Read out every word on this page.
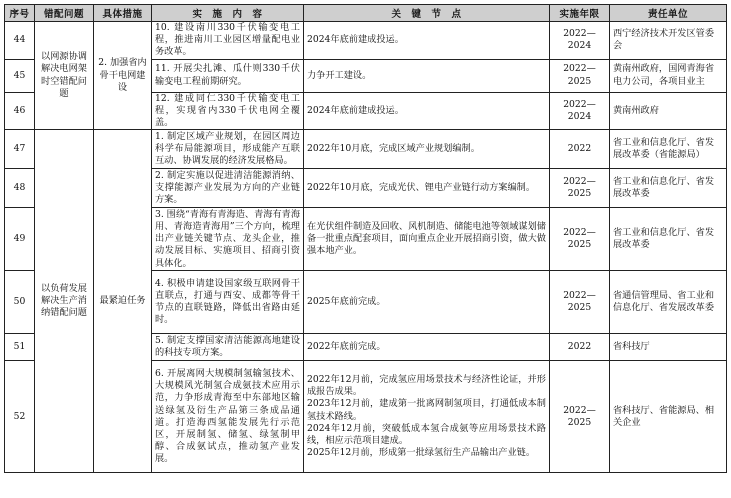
序号	错配问题	具体措施	实　施　内　容	关　键　节　点	实施年限	责任单位
44	以网源协调解决电网架时空错配问题	2. 加强省内骨干电网建设	10. 建设南川330千伏输变电工程，推进南川工业园区增量配电业务改革。	2024年底前建成投运。	2022—2024	西宁经济技术开发区管委会
45			11. 开展尖扎滩、瓜什则330千伏输变电工程前期研究。	力争开工建设。	2022—2025	黄南州政府，国网青海省电力公司，各项目业主
46			12. 建成同仁330千伏输变电工程，实现省内330千伏电网全覆盖。	2024年底前建成投运。	2022—2024	黄南州政府
47	以负荷发展解决生产消纳错配问题	最紧迫任务	1. 制定区域产业规划，在园区周边科学布局能源项目，形成能产互联互动、协调发展的经济发展格局。	2022年10月底，完成区域产业规划编制。	2022	省工业和信息化厅、省发展改革委（省能源局）
48			2. 制定实施以促进清洁能源消纳、支撑能源产业发展为方向的产业链方案。	2022年10月底，完成光伏、锂电产业链行动方案编制。	2022—2025	省工业和信息化厅、省发展改革委
49			3. 围绕“青海有青海造、青海有青海用、青海造青海用”三个方向，梳理出产业链关键节点、龙头企业，推动发展目标、实施项目、招商引资具体化。	在光伏组件制造及回收、风机制造、储能电池等领域谋划储备一批重点配套项目，面向重点企业开展招商引资，做大做强本地产业。	2022—2025	省工业和信息化厅、省发展改革委
50			4. 积极申请建设国家级互联网骨干直联点，打通与西安、成都等骨干节点的直联链路，降低出省路由延时。	2025年底前完成。	2022—2025	省通信管理局、省工业和信息化厅、省发展改革委
51			5. 制定支撑国家清洁能源高地建设的科技专项方案。	2022年底前完成。	2022	省科技厅
52			6. 开展离网大规模制氢输氢技术、大规模风光制氢合成氨技术应用示范，力争形成青海至中东部地区输送绿氢及衍生产品第三条成品通道。打造海西氢能发展先行示范区，开展制氢、储氢、绿氢制甲醇、合成氨试点，推动氢产业发展。	2022年12月前，完成氢应用场景技术与经济性论证，并形成报告成果。
2023年12月前，建成第一批离网制氢项目，打通低成本制氢技术路线。
2024年12月前，突破低成本氢合成氨等应用场景技术路线，相应示范项目建成。
2025年12月前，形成第一批绿氢衍生产品输出产业链。	2022—2025	省科技厅、省能源局、相关企业
